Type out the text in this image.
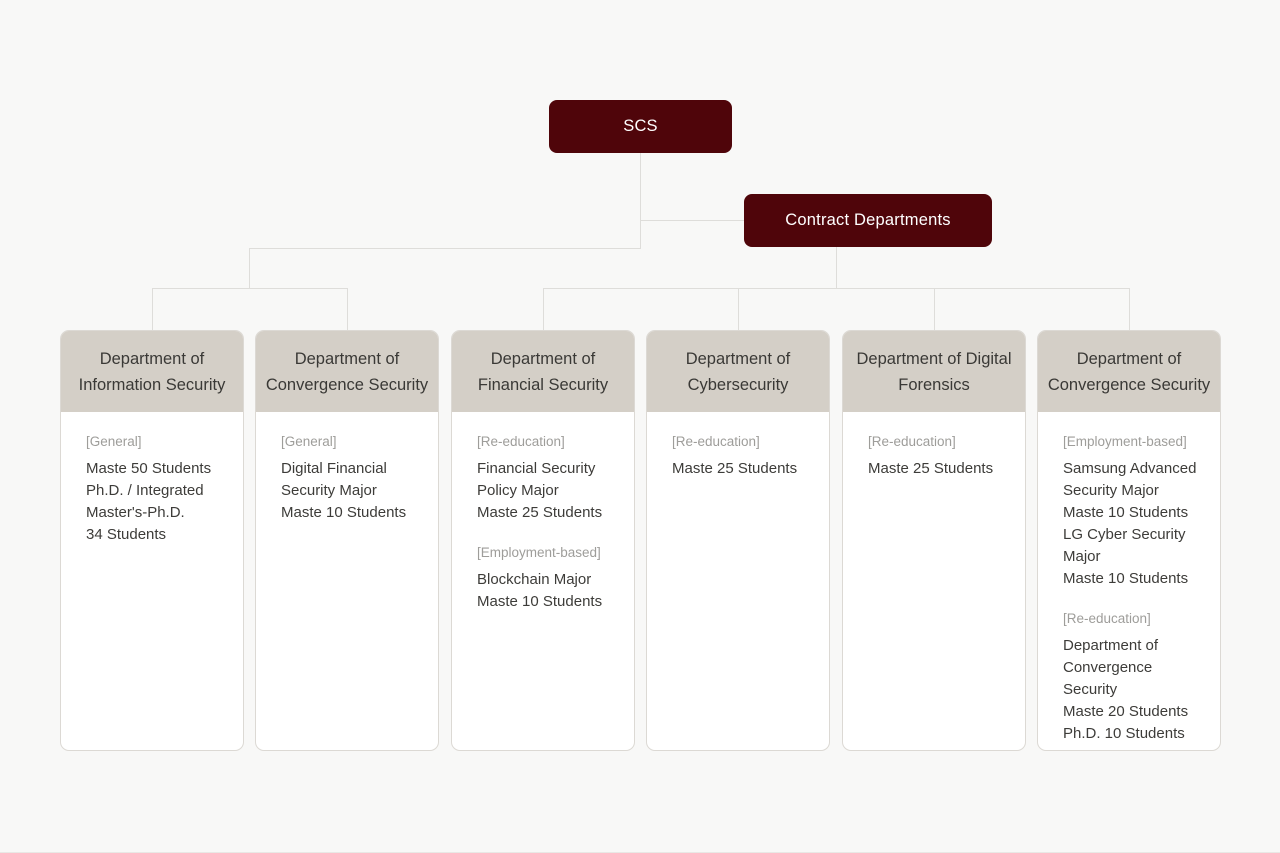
SCS
Contract Departments
Department of Information Security
[General]

Maste 50 Students

Ph.D. / Integrated

Master's-Ph.D.

34 Students

Department of Convergence Security
[General]

Digital Financial

Security Major

Maste 10 Students

Department of Financial Security
[Re-education]

Financial Security

Policy Major

Maste 25 Students

[Employment-based]

Blockchain Major

Maste 10 Students

Department of Cybersecurity
[Re-education]

Maste 25 Students

Department of Digital Forensics
[Re-education]

Maste 25 Students

Department of Convergence Security
[Employment-based]

Samsung Advanced

Security Major

Maste 10 Students

LG Cyber Security

Major

Maste 10 Students

[Re-education]

Department of

Convergence

Security

Maste 20 Students

Ph.D. 10 Students
